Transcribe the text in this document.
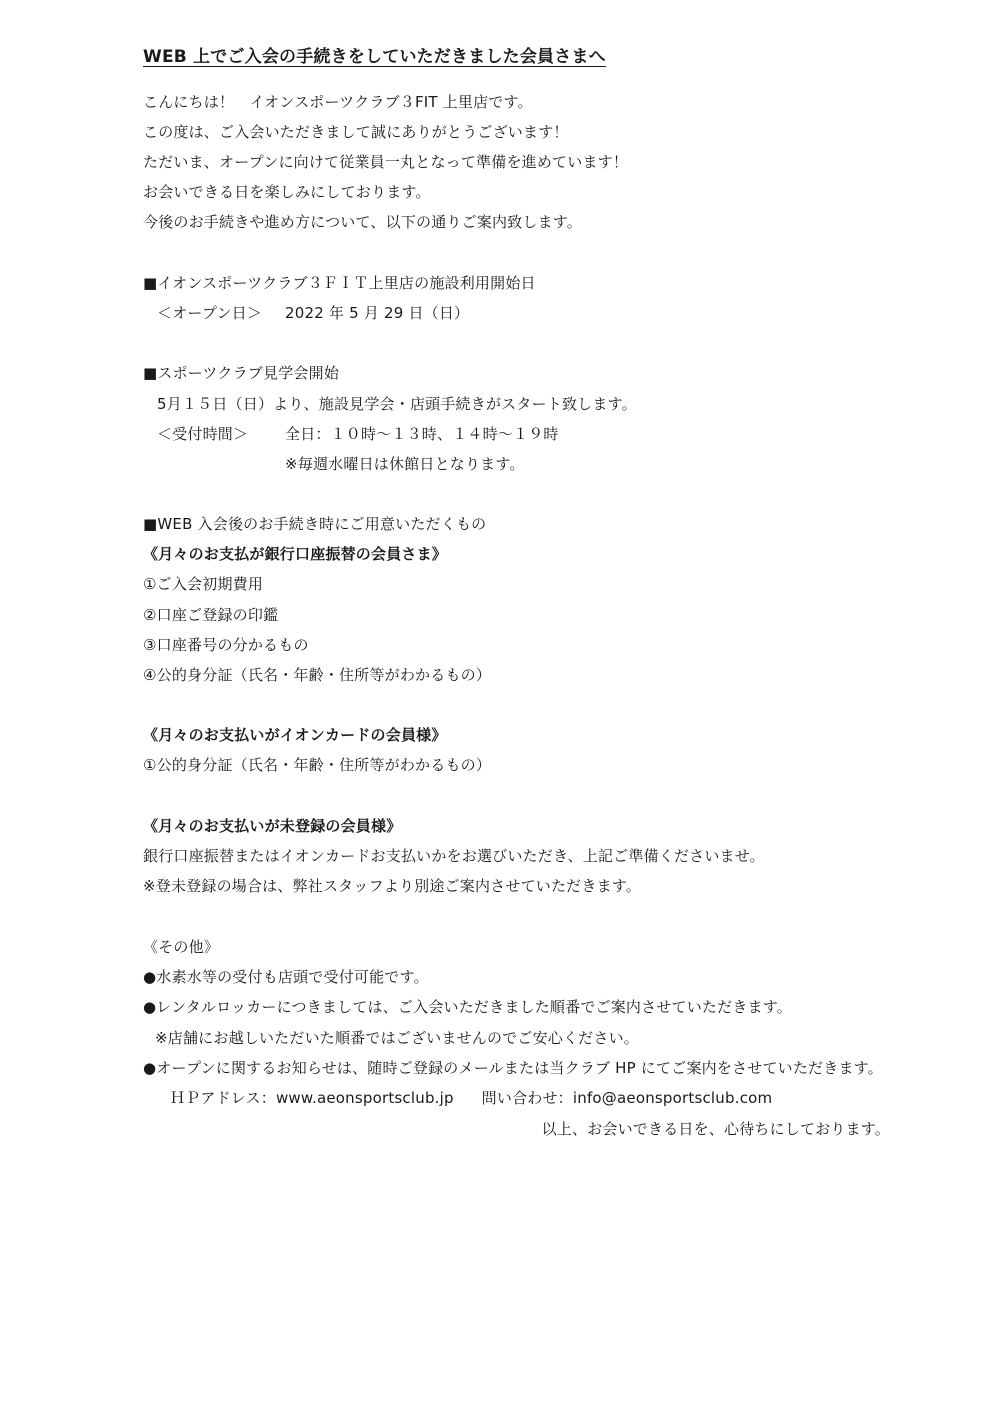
WEB 上でご入会の手続きをしていただきました会員さまへ
こんにちは！　イオンスポーツクラブ３FIT 上里店です。
この度は、ご入会いただきまして誠にありがとうございます！
ただいま、オープンに向けて従業員一丸となって準備を進めています！
お会いできる日を楽しみにしております。
今後のお手続きや進め方について、以下の通りご案内致します。
■イオンスポーツクラブ３ＦＩＴ上里店の施設利用開始日
＜オープン日＞ 2022 年 5 月 29 日（日）
■スポーツクラブ見学会開始
5月１５日（日）より、施設見学会・店頭手続きがスタート致します。
＜受付時間＞ 全日：１０時～１３時、１４時～１９時
※毎週水曜日は休館日となります。
■WEB 入会後のお手続き時にご用意いただくもの
《月々のお支払が銀行口座振替の会員さま》
①ご入会初期費用
②口座ご登録の印鑑
③口座番号の分かるもの
④公的身分証（氏名・年齢・住所等がわかるもの）
《月々のお支払いがイオンカードの会員様》
①公的身分証（氏名・年齢・住所等がわかるもの）
《月々のお支払いが未登録の会員様》
銀行口座振替またはイオンカードお支払いかをお選びいただき、上記ご準備くださいませ。
※登未登録の場合は、弊社スタッフより別途ご案内させていただきます。
《その他》
●水素水等の受付も店頭で受付可能です。
●レンタルロッカーにつきましては、ご入会いただきました順番でご案内させていただきます。
※店舗にお越しいただいた順番ではございませんのでご安心ください。
●オープンに関するお知らせは、随時ご登録のメールまたは当クラブ HP にてご案内をさせていただきます。
ＨＰアドレス：www.aeonsportsclub.jp 問い合わせ：info@aeonsportsclub.com
以上、お会いできる日を、心待ちにしております。
